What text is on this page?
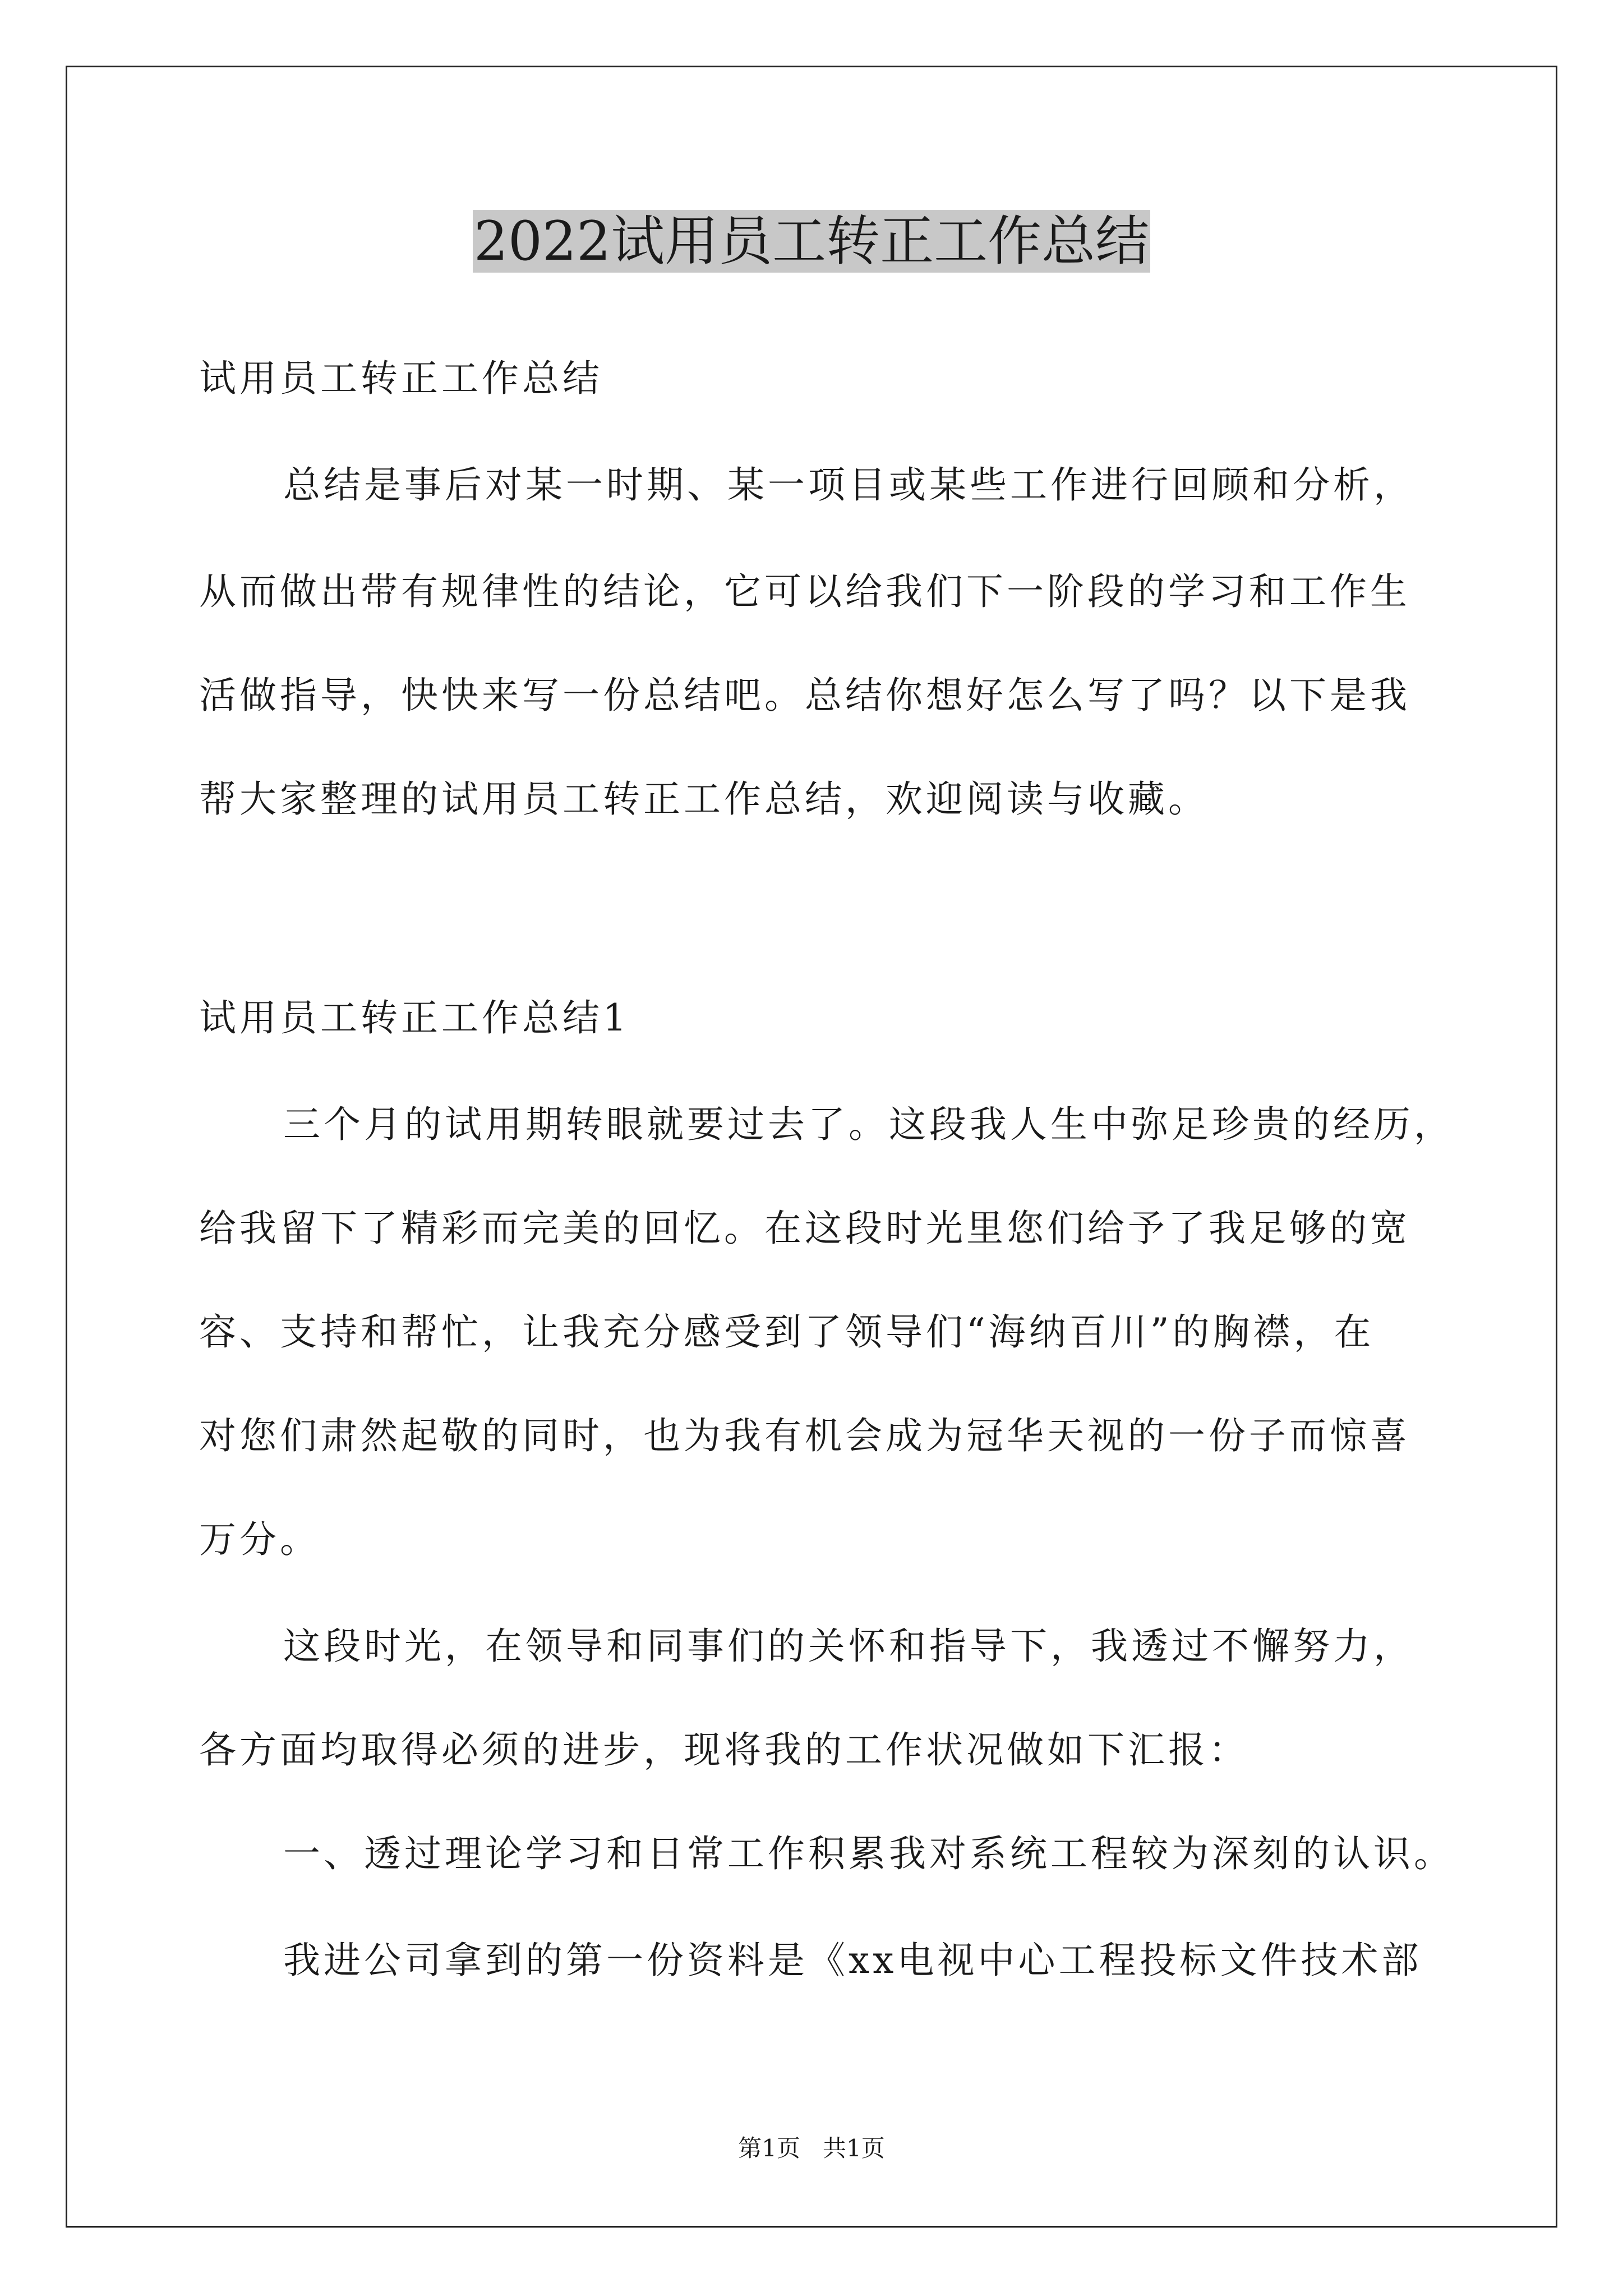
2022试用员工转正工作总结
试用员工转正工作总结
总结是事后对某一时期、某一项目或某些工作进行回顾和分析，
从而做出带有规律性的结论，它可以给我们下一阶段的学习和工作生
活做指导，快快来写一份总结吧。总结你想好怎么写了吗？以下是我
帮大家整理的试用员工转正工作总结，欢迎阅读与收藏。
试用员工转正工作总结1
三个月的试用期转眼就要过去了。这段我人生中弥足珍贵的经历，
给我留下了精彩而完美的回忆。在这段时光里您们给予了我足够的宽
容、支持和帮忙，让我充分感受到了领导们“海纳百川”的胸襟，在
对您们肃然起敬的同时，也为我有机会成为冠华天视的一份子而惊喜
万分。
这段时光，在领导和同事们的关怀和指导下，我透过不懈努力，
各方面均取得必须的进步，现将我的工作状况做如下汇报：
一、透过理论学习和日常工作积累我对系统工程较为深刻的认识。
我进公司拿到的第一份资料是《xx电视中心工程投标文件技术部
第1页 共1页
